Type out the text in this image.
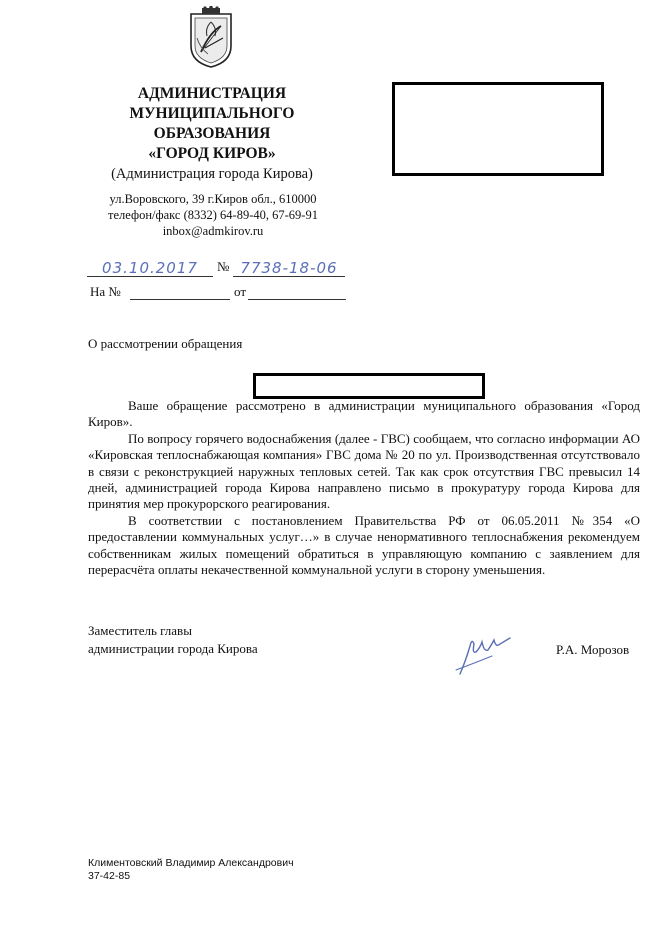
АДМИНИСТРАЦИЯ
МУНИЦИПАЛЬНОГО
ОБРАЗОВАНИЯ
«ГОРОД КИРОВ»
(Администрация города Кирова)
ул.Воровского, 39 г.Киров обл., 610000
телефон/факс (8332) 64-89-40, 67-69-91
inbox@admkirov.ru
03.10.2017	№ 7738-18-06
На №	от
О рассмотрении обращения

Ваше обращение рассмотрено в администрации муниципального образования «Город Киров».

По вопросу горячего водоснабжения (далее - ГВС) сообщаем, что согласно информации АО «Кировская теплоснабжающая компания» ГВС дома № 20 по ул. Производственная отсутствовало в связи с реконструкцией наружных тепловых сетей. Так как срок отсутствия ГВС превысил 14 дней, администрацией города Кирова направлено письмо в прокуратуру города Кирова для принятия мер прокурорского реагирования.

В соответствии с постановлением Правительства РФ от 06.05.2011 №354 «О предоставлении коммунальных услуг…» в случае ненормативного теплоснабжения рекомендуем собственникам жилых помещений обратиться в управляющую компанию с заявлением для перерасчёта оплаты некачественной коммунальной услуги в сторону уменьшения.

Заместитель главы
администрации города Кирова	Р.А. Морозов
Климентовский Владимир Александрович
37-42-85
